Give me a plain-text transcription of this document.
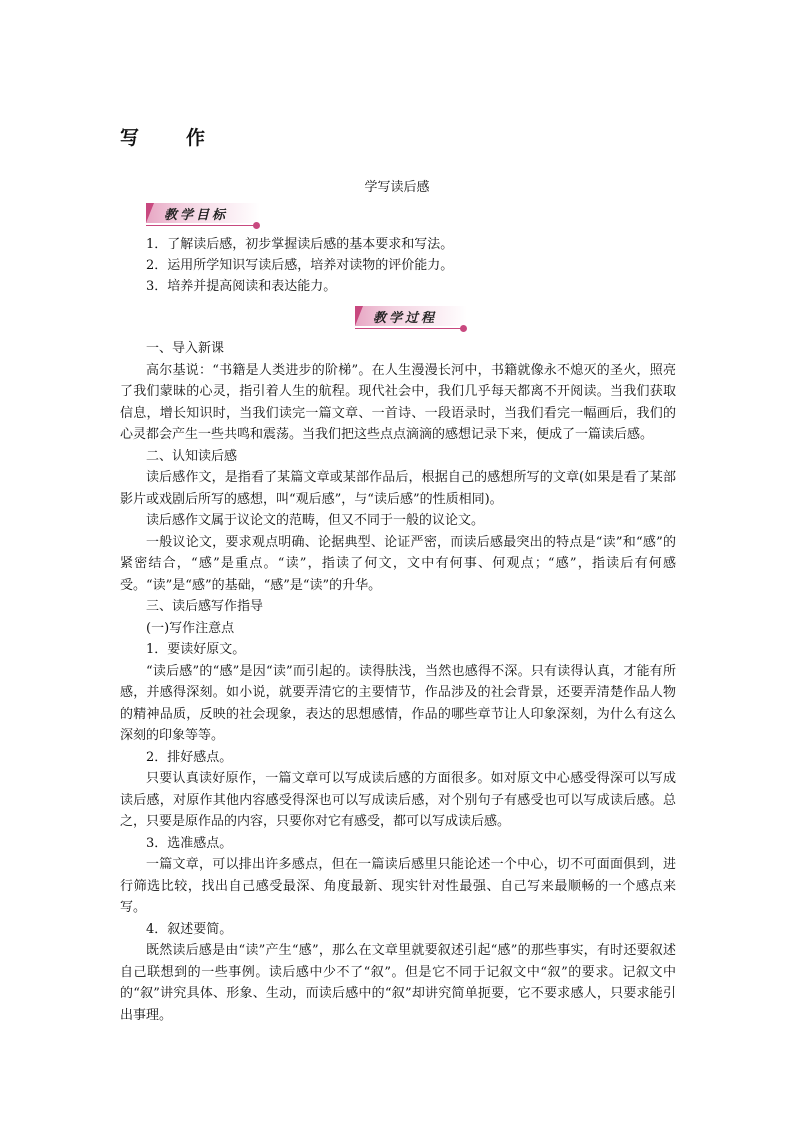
写　作
学写读后感
教学目标

1．了解读后感，初步掌握读后感的基本要求和写法。

2．运用所学知识写读后感，培养对读物的评价能力。

3．培养并提高阅读和表达能力。

教学过程

一、导入新课

高尔基说：“书籍是人类进步的阶梯”。在人生漫漫长河中，书籍就像永不熄灭的圣火，照亮了我们蒙昧的心灵，指引着人生的航程。现代社会中，我们几乎每天都离不开阅读。当我们获取信息，增长知识时，当我们读完一篇文章、一首诗、一段语录时，当我们看完一幅画后，我们的心灵都会产生一些共鸣和震荡。当我们把这些点点滴滴的感想记录下来，便成了一篇读后感。

二、认知读后感

读后感作文，是指看了某篇文章或某部作品后，根据自己的感想所写的文章(如果是看了某部影片或戏剧后所写的感想，叫“观后感”，与“读后感”的性质相同)。

读后感作文属于议论文的范畴，但又不同于一般的议论文。

一般议论文，要求观点明确、论据典型、论证严密，而读后感最突出的特点是“读”和“感”的紧密结合，“感”是重点。“读”，指读了何文，文中有何事、何观点；“感”，指读后有何感受。“读”是“感”的基础，“感”是“读”的升华。

三、读后感写作指导

(一)写作注意点

1．要读好原文。

“读后感”的“感”是因“读”而引起的。读得肤浅，当然也感得不深。只有读得认真，才能有所感，并感得深刻。如小说，就要弄清它的主要情节，作品涉及的社会背景，还要弄清楚作品人物的精神品质，反映的社会现象，表达的思想感情，作品的哪些章节让人印象深刻，为什么有这么深刻的印象等等。

2．排好感点。

只要认真读好原作，一篇文章可以写成读后感的方面很多。如对原文中心感受得深可以写成读后感，对原作其他内容感受得深也可以写成读后感，对个别句子有感受也可以写成读后感。总之，只要是原作品的内容，只要你对它有感受，都可以写成读后感。

3．选准感点。

一篇文章，可以排出许多感点，但在一篇读后感里只能论述一个中心，切不可面面俱到，进行筛选比较，找出自己感受最深、角度最新、现实针对性最强、自己写来最顺畅的一个感点来写。

4．叙述要简。

既然读后感是由“读”产生“感”，那么在文章里就要叙述引起“感”的那些事实，有时还要叙述自己联想到的一些事例。读后感中少不了“叙”。但是它不同于记叙文中“叙”的要求。记叙文中的“叙”讲究具体、形象、生动，而读后感中的“叙”却讲究简单扼要，它不要求感人，只要求能引出事理。
